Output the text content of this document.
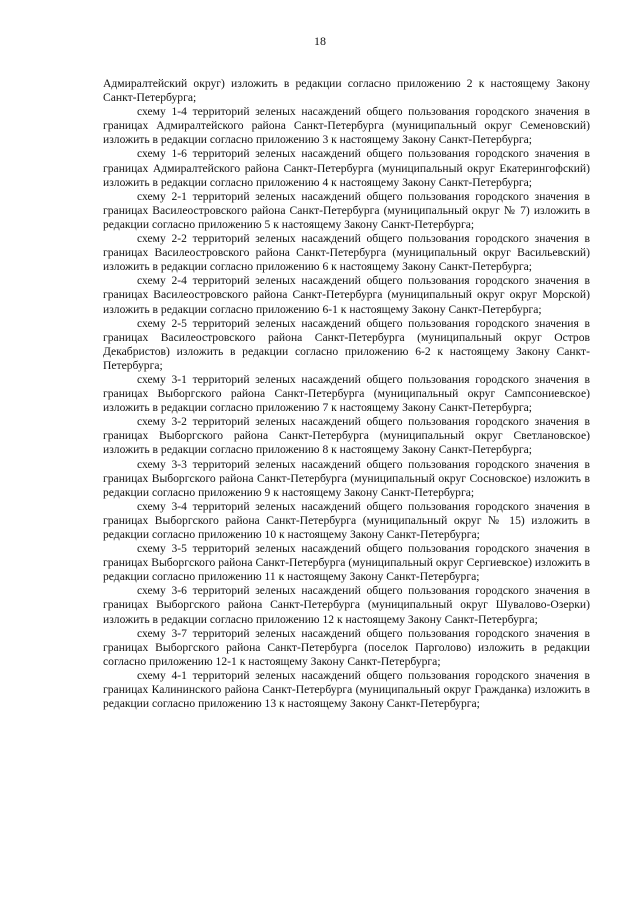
18

Адмиралтейский округ) изложить в редакции согласно приложению 2 к настоящему Закону Санкт-Петербурга;

схему 1-4 территорий зеленых насаждений общего пользования городского значения в границах Адмиралтейского района Санкт-Петербурга (муниципальный округ Семеновский) изложить в редакции согласно приложению 3 к настоящему Закону Санкт-Петербурга;

схему 1-6 территорий зеленых насаждений общего пользования городского значения в границах Адмиралтейского района Санкт-Петербурга (муниципальный округ Екатерингофский) изложить в редакции согласно приложению 4 к настоящему Закону Санкт-Петербурга;

схему 2-1 территорий зеленых насаждений общего пользования городского значения в границах Василеостровского района Санкт-Петербурга (муниципальный округ № 7) изложить в редакции согласно приложению 5 к настоящему Закону Санкт-Петербурга;

схему 2-2 территорий зеленых насаждений общего пользования городского значения в границах Василеостровского района Санкт-Петербурга (муниципальный округ Васильевский) изложить в редакции согласно приложению 6 к настоящему Закону Санкт-Петербурга;

схему 2-4 территорий зеленых насаждений общего пользования городского значения в границах Василеостровского района Санкт-Петербурга (муниципальный округ округ Морской) изложить в редакции согласно приложению 6-1 к настоящему Закону Санкт-Петербурга;

схему 2-5 территорий зеленых насаждений общего пользования городского значения в границах Василеостровского района Санкт-Петербурга (муниципальный округ Остров Декабристов) изложить в редакции согласно приложению 6-2 к настоящему Закону Санкт-Петербурга;

схему 3-1 территорий зеленых насаждений общего пользования городского значения в границах Выборгского района Санкт-Петербурга (муниципальный округ Сампсониевское) изложить в редакции согласно приложению 7 к настоящему Закону Санкт-Петербурга;

схему 3-2 территорий зеленых насаждений общего пользования городского значения в границах Выборгского района Санкт-Петербурга (муниципальный округ Светлановское) изложить в редакции согласно приложению 8 к настоящему Закону Санкт-Петербурга;

схему 3-3 территорий зеленых насаждений общего пользования городского значения в границах Выборгского района Санкт-Петербурга (муниципальный округ Сосновское) изложить в редакции согласно приложению 9 к настоящему Закону Санкт-Петербурга;

схему 3-4 территорий зеленых насаждений общего пользования городского значения в границах Выборгского района Санкт-Петербурга (муниципальный округ № 15) изложить в редакции согласно приложению 10 к настоящему Закону Санкт-Петербурга;

схему 3-5 территорий зеленых насаждений общего пользования городского значения в границах Выборгского района Санкт-Петербурга (муниципальный округ Сергиевское) изложить в редакции согласно приложению 11 к настоящему Закону Санкт-Петербурга;

схему 3-6 территорий зеленых насаждений общего пользования городского значения в границах Выборгского района Санкт-Петербурга (муниципальный округ Шувалово-Озерки) изложить в редакции согласно приложению 12 к настоящему Закону Санкт-Петербурга;

схему 3-7 территорий зеленых насаждений общего пользования городского значения в границах Выборгского района Санкт-Петербурга (поселок Парголово) изложить в редакции согласно приложению 12-1 к настоящему Закону Санкт-Петербурга;

схему 4-1 территорий зеленых насаждений общего пользования городского значения в границах Калининского района Санкт-Петербурга (муниципальный округ Гражданка) изложить в редакции согласно приложению 13 к настоящему Закону Санкт-Петербурга;
